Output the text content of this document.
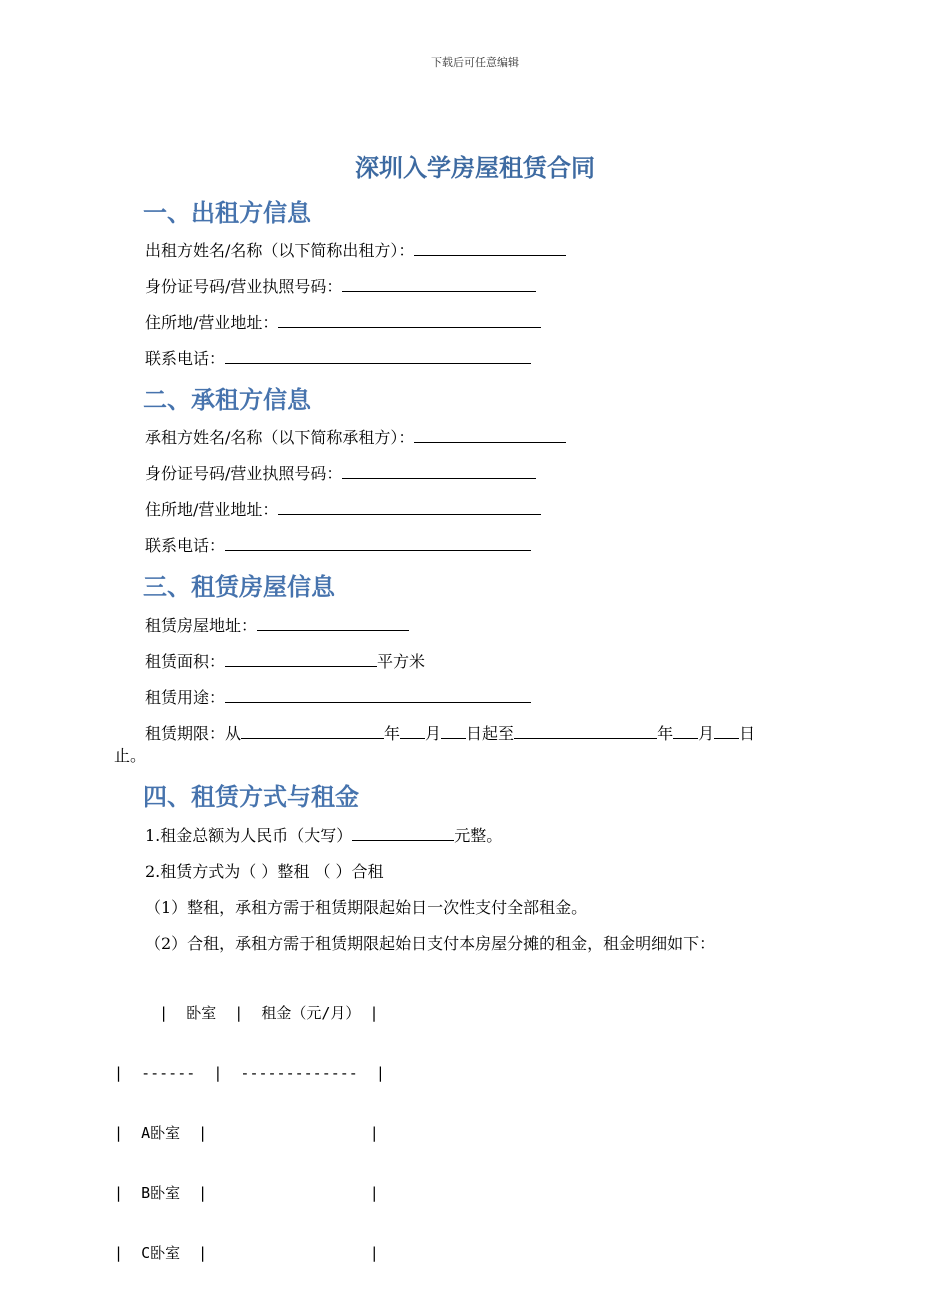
下载后可任意编辑
深圳入学房屋租赁合同
一、出租方信息
出租方姓名/名称（以下简称出租方）：
身份证号码/营业执照号码：
住所地/营业地址：
联系电话：
二、承租方信息
承租方姓名/名称（以下简称承租方）：
身份证号码/营业执照号码：
住所地/营业地址：
联系电话：
三、租赁房屋信息
租赁房屋地址：
租赁面积：	平方米
租赁用途：
租赁期限：从	年 月 日起至	年 月 日
止。
四、租赁方式与租金
1.租金总额为人民币（大写）	元整。
2.租赁方式为（ ）整租 （ ）合租
（1）整租，承租方需于租赁期限起始日一次性支付全部租金。
（2）合租，承租方需于租赁期限起始日支付本房屋分摊的租金，租金明细如下：

|  卧室  |  租金（元/月） |

|  ------  |  -------------  |

|  A卧室  |                  |

|  B卧室  |                  |

|  C卧室  |                  |
